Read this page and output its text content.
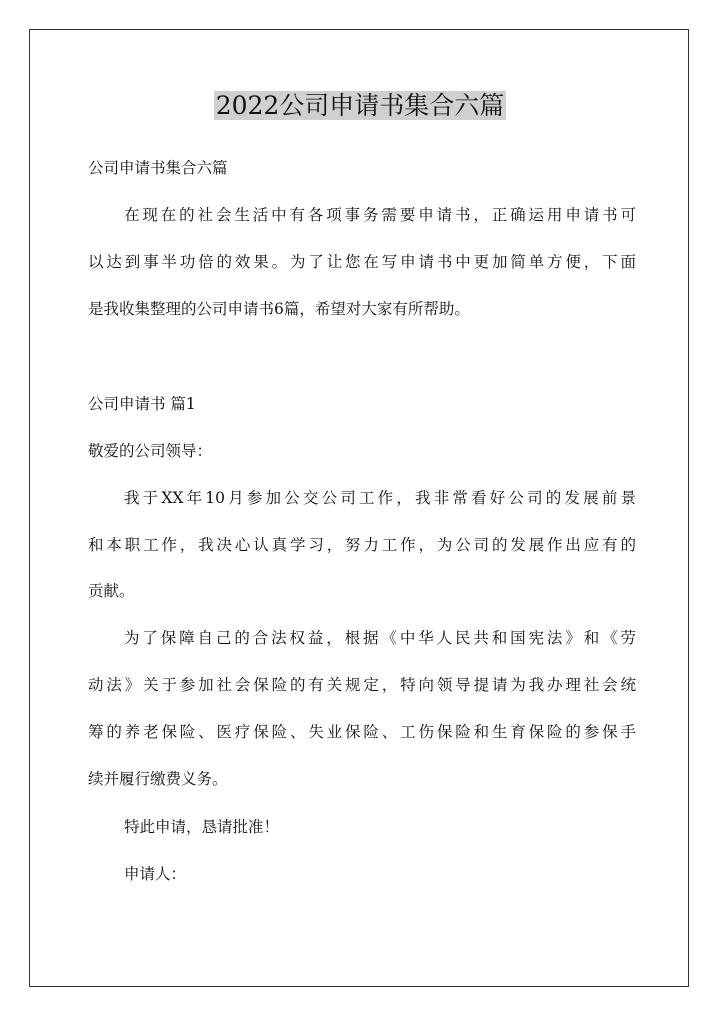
2022公司申请书集合六篇
公司申请书集合六篇
在现在的社会生活中有各项事务需要申请书，正确运用申请书可
以达到事半功倍的效果。为了让您在写申请书中更加简单方便，下面
是我收集整理的公司申请书6篇，希望对大家有所帮助。
公司申请书 篇1
敬爱的公司领导：
我于XX年10月参加公交公司工作，我非常看好公司的发展前景
和本职工作，我决心认真学习，努力工作，为公司的发展作出应有的
贡献。
为了保障自己的合法权益，根据《中华人民共和国宪法》和《劳
动法》关于参加社会保险的有关规定，特向领导提请为我办理社会统
筹的养老保险、医疗保险、失业保险、工伤保险和生育保险的参保手
续并履行缴费义务。
特此申请，恳请批准！
申请人：
